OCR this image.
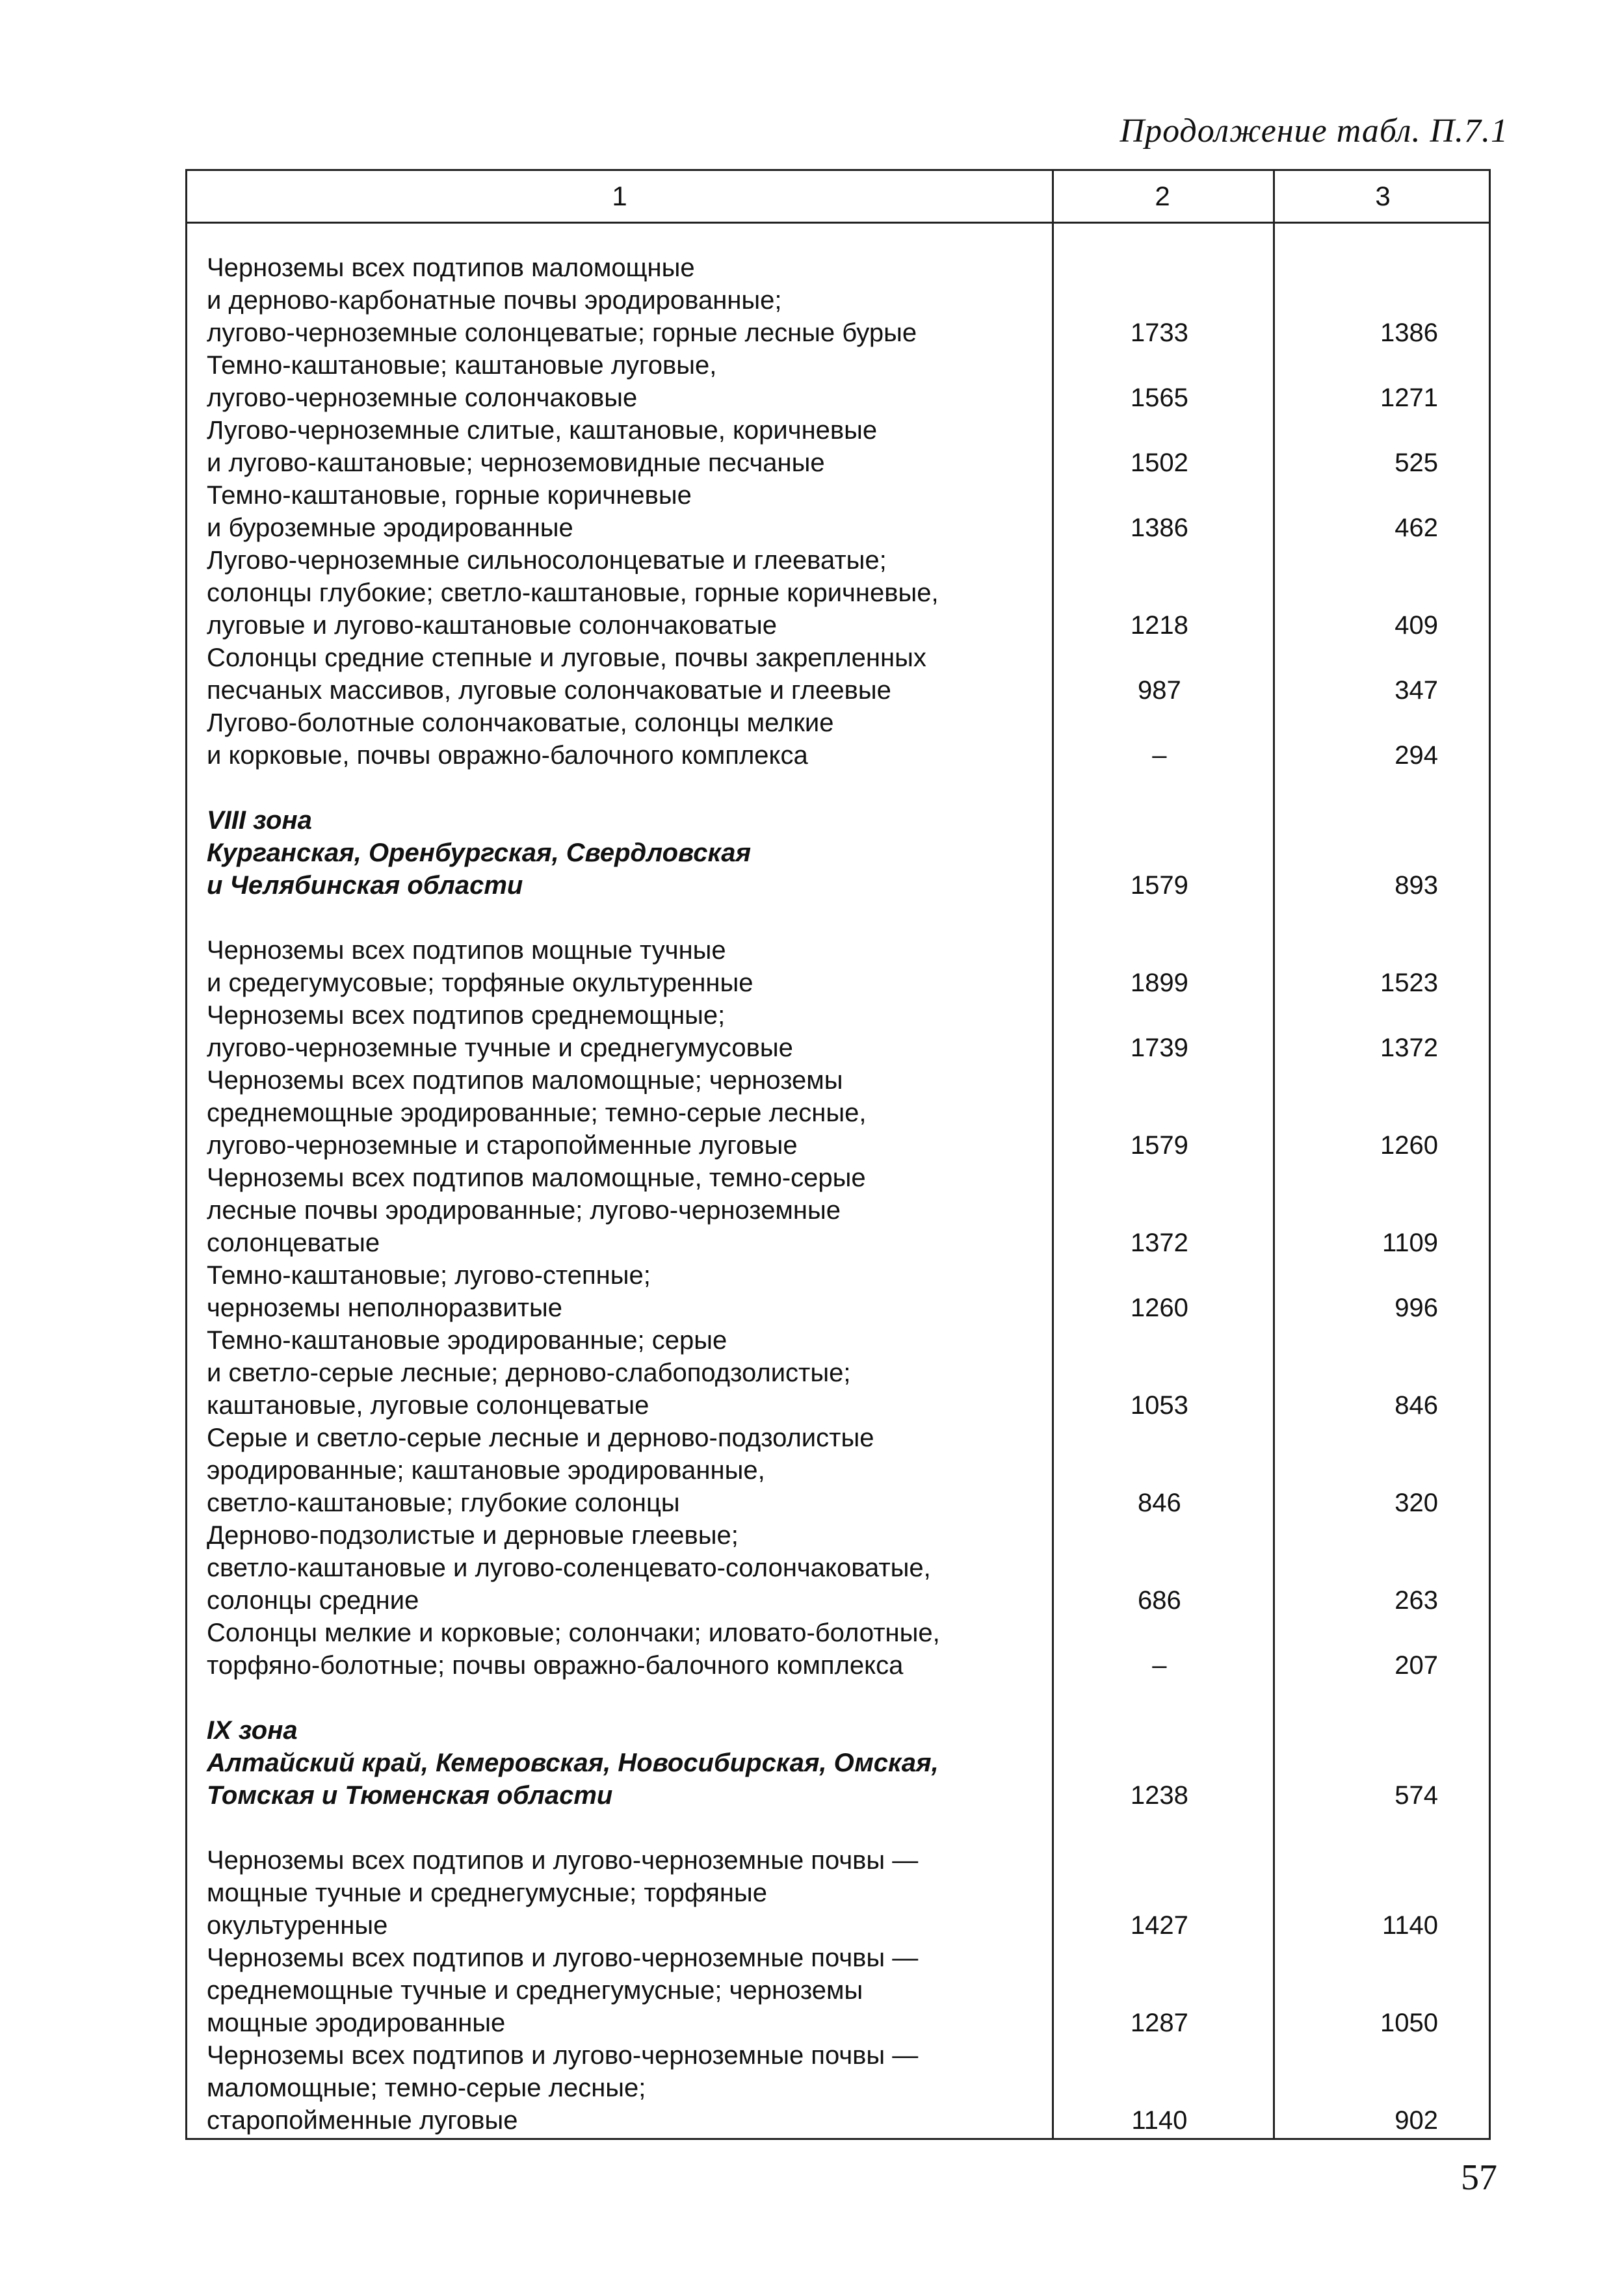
Продолжение табл. П.7.1
1	2	3
Черноземы всех подтипов маломощные
и дерново-карбонатные почвы эродированные;
лугово-черноземные солонцеватые; горные лесные бурые	1733	1386
Темно-каштановые; каштановые луговые,
лугово-черноземные солончаковые	1565	1271
Лугово-черноземные слитые, каштановые, коричневые
и лугово-каштановые; черноземовидные песчаные	1502	525
Темно-каштановые, горные коричневые
и бурoземные эродированные	1386	462
Лугово-черноземные сильносолонцеватые и глееватые;
солонцы глубокие; светло-каштановые, горные коричневые,
луговые и лугово-каштановые солончаковатые	1218	409
Солонцы средние степные и луговые, почвы закрепленных
песчаных массивов, луговые солончаковатые и глеевые	987	347
Лугово-болотные солончаковатые, солонцы мелкие
и корковые, почвы овражно-балочного комплекса	–	294
VIII зона
Курганская, Оренбургская, Свердловская
и Челябинская области	1579	893
Черноземы всех подтипов мощные тучные
и средегумусовые; торфяные окультуренные	1899	1523
Черноземы всех подтипов среднемощные;
лугово-черноземные тучные и среднегумусовые	1739	1372
Черноземы всех подтипов маломощные; черноземы
среднемощные эродированные; темно-серые лесные,
лугово-черноземные и старопойменные луговые	1579	1260
Черноземы всех подтипов маломощные, темно-серые
лесные почвы эродированные; лугово-черноземные
солонцеватые	1372	1109
Темно-каштановые; лугово-степные;
черноземы неполноразвитые	1260	996
Темно-каштановые эродированные; серые
и светло-серые лесные; дерново-слабоподзолистые;
каштановые, луговые солонцеватые	1053	846
Серые и светло-серые лесные и дерново-подзолистые
эродированные; каштановые эродированные,
светло-каштановые; глубокие солонцы	846	320
Дерново-подзолистые и дерновые глеевые;
светло-каштановые и лугово-соленцевато-солончаковатые,
солонцы средние	686	263
Солонцы мелкие и корковые; солончаки; иловато-болотные,
торфяно-болотные; почвы овражно-балочного комплекса	–	207
IX зона
Алтайский край, Кемеровская, Новосибирская, Омская,
Томская и Тюменская области	1238	574
Черноземы всех подтипов и лугово-черноземные почвы —
мощные тучные и среднегумусные; торфяные
окультуренные	1427	1140
Черноземы всех подтипов и лугово-черноземные почвы —
среднемощные тучные и среднегумусные; черноземы
мощные эродированные	1287	1050
Черноземы всех подтипов и лугово-черноземные почвы —
маломощные; темно-серые лесные;
старопойменные луговые	1140	902
57
